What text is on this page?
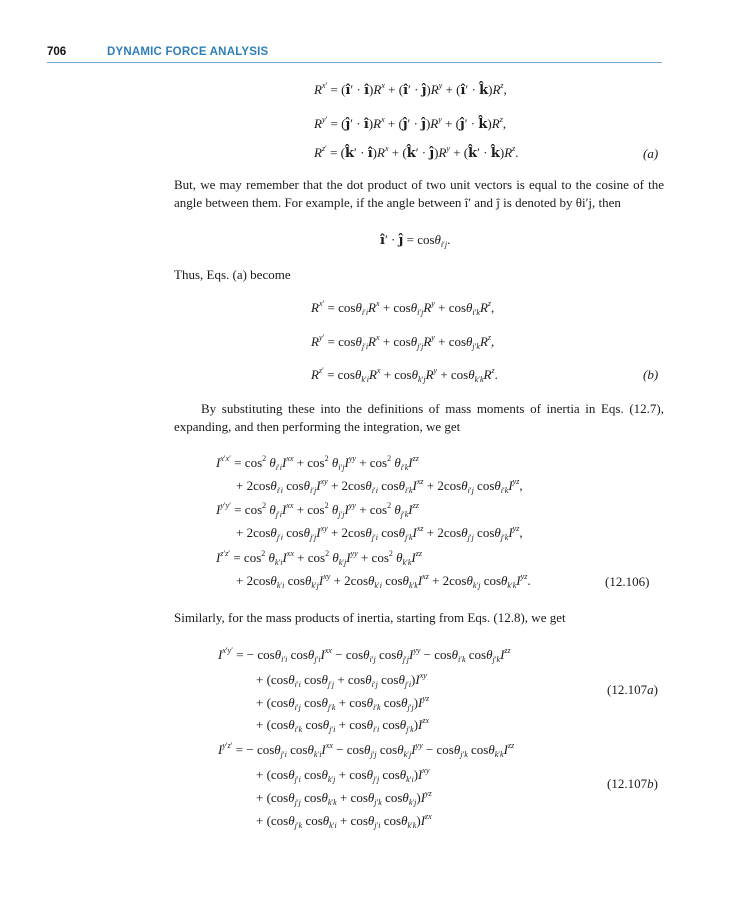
706	DYNAMIC FORCE ANALYSIS
$R^{x'}$ = (î′ · $î)R^x$ + (î′ · $ĵ)R^y$ + (î′ · $k̂)R^z$,
$R^{y'}$ = (ĵ′ · $î)R^x$ + (ĵ′ · $ĵ)R^y$ + (ĵ′ · $k̂)R^z$,
$R^{z'}$ = (k̂′ · $î)R^x$ + (k̂′ · $ĵ)R^y$ + (k̂′ · $k̂)R^z$.	(a)
But, we may remember that the dot product of two unit vectors is equal to the cosine of the angle between them. For example, if the angle between î′ and ĵ is denoted by θi′j, then
î′ · ĵ = cosθ$_{i'j}$.
Thus, Eqs. (a) become
$R^{x'} = \cos\theta_{i'i}R^x + \cos\theta_{i'j}R^y + \cos\theta_{i'k}R^z$,
$R^{y'} = \cos\theta_{j'i}R^x + \cos\theta_{j'j}R^y + \cos\theta_{j'k}R^z$,
$R^{z'} = \cos\theta_{k'i}R^x + \cos\theta_{k'j}R^y + \cos\theta_{k'k}R^z$.	(b)
By substituting these into the definitions of mass moments of inertia in Eqs. (12.7), expanding, and then performing the integration, we get
$I^{x'x'} = \cos^2 \theta_{i'i}I^{xx} + \cos^2 \theta_{i'j}I^{yy} + \cos^2 \theta_{i'k}I^{zz}$
+ 2cosθ$_{i'i}$ $\cos\theta_{i'j}I^{xy} + 2\cos\theta_{i'i}$ $\cos\theta_{i'k}I^{xz} + 2\cos\theta_{i'j}$ $\cos\theta_{i'k}I^{yz}$,
$I^{y'y'} = \cos^2 \theta_{j'i}I^{xx} + \cos^2 \theta_{j'j}I^{yy} + \cos^2 \theta_{j'k}I^{zz}$
+ 2cosθ$_{j'i}$ $\cos\theta_{j'j}I^{xy} + 2\cos\theta_{j'i}$ $\cos\theta_{j'k}I^{xz} + 2\cos\theta_{j'j}$ $\cos\theta_{j'k}I^{yz}$,
$I^{z'z'} = \cos^2 \theta_{k'i}I^{xx} + \cos^2 \theta_{k'j}I^{yy} + \cos^2 \theta_{k'k}I^{zz}$
+ 2cosθ$_{k'i}$ $\cos\theta_{k'j}I^{xy} + 2\cos\theta_{k'i}$ $\cos\theta_{k'k}I^{xz} + 2\cos\theta_{k'j}$ $\cos\theta_{k'k}I^{yz}$.	(12.106)
Similarly, for the mass products of inertia, starting from Eqs. (12.8), we get
$I^{x'y'}$ = − cosθ$_{i'i}$ $\cos\theta_{j'i}I^{xx} - \cos\theta_{i'j}$ $\cos\theta_{j'j}I^{yy} - \cos\theta_{i'k}$ $\cos\theta_{j'k}I^{zz}$
+ (cosθ$_{i'i}$ cosθ$_{j'j}$ + cosθ$_{i'j}$ $\cos\theta_{j'i})I^{xy}$
+ (cosθ$_{i'j}$ cosθ$_{j'k}$ + cosθ$_{i'k}$ $\cos\theta_{j'j})I^{yz}$
+ (cosθ$_{i'k}$ cosθ$_{j'i}$ + cosθ$_{i'i}$ $\cos\theta_{j'k})I^{zx}$
(12.107a)
$I^{y'z'}$ = − cosθ$_{j'i}$ $\cos\theta_{k'i}I^{xx} - \cos\theta_{j'j}$ $\cos\theta_{k'j}I^{yy} - \cos\theta_{j'k}$ $\cos\theta_{k'k}I^{zz}$
+ (cosθ$_{j'i}$ cosθ$_{k'j}$ + cosθ$_{j'j}$ $\cos\theta_{k'i})I^{xy}$
+ (cosθ$_{j'j}$ cosθ$_{k'k}$ + cosθ$_{j'k}$ $\cos\theta_{k'j})I^{yz}$
+ (cosθ$_{j'k}$ cosθ$_{k'i}$ + cosθ$_{j'i}$ $\cos\theta_{k'k})I^{zx}$
(12.107b)
